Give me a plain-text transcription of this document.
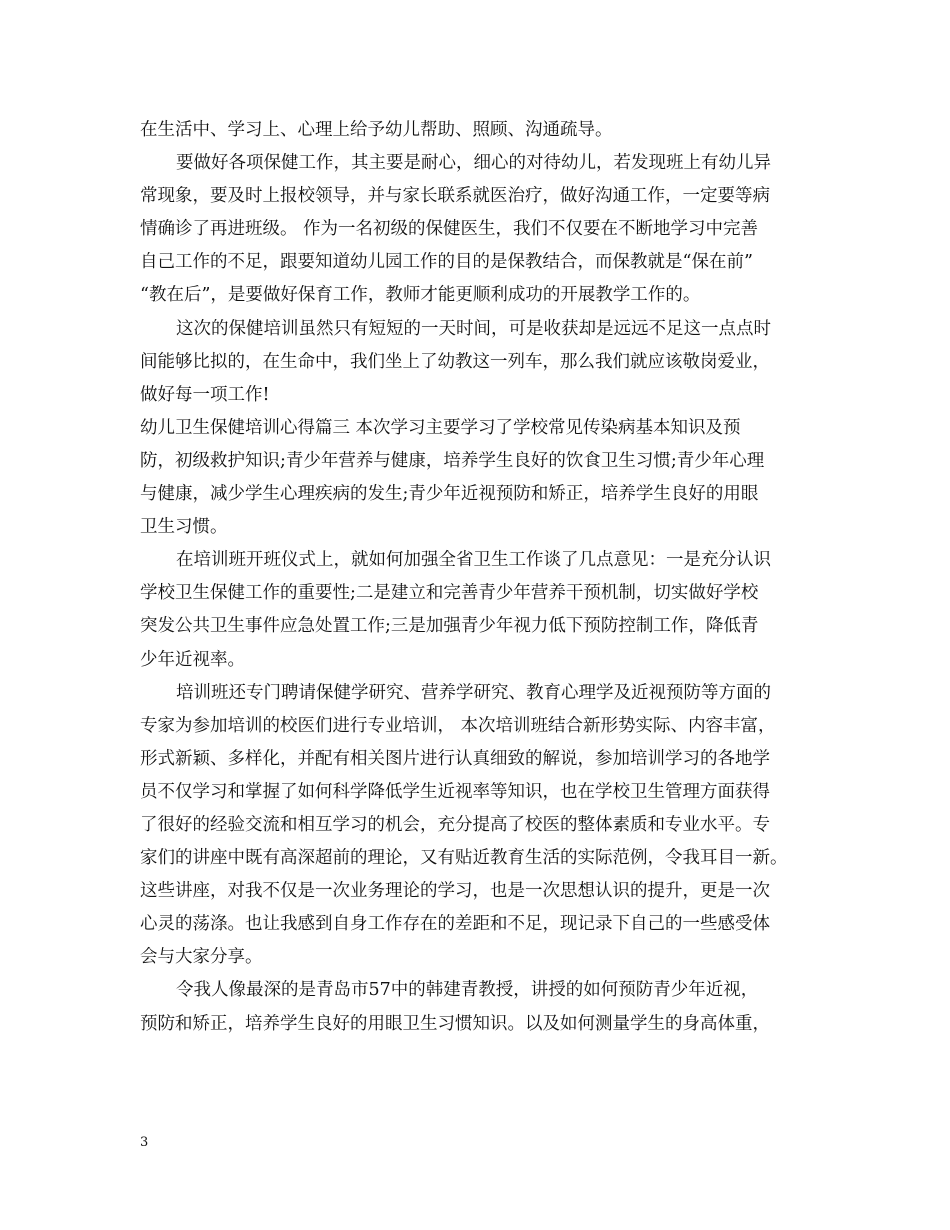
在生活中、学习上、心理上给予幼儿帮助、照顾、沟通疏导。
要做好各项保健工作，其主要是耐心，细心的对待幼儿，若发现班上有幼儿异
常现象，要及时上报校领导，并与家长联系就医治疗，做好沟通工作，一定要等病
情确诊了再进班级。 作为一名初级的保健医生，我们不仅要在不断地学习中完善
自己工作的不足，跟要知道幼儿园工作的目的是保教结合，而保教就是“保在前”
“教在后”，是要做好保育工作，教师才能更顺利成功的开展教学工作的。
这次的保健培训虽然只有短短的一天时间，可是收获却是远远不足这一点点时
间能够比拟的，在生命中，我们坐上了幼教这一列车，那么我们就应该敬岗爱业，
做好每一项工作!
幼儿卫生保健培训心得篇三 本次学习主要学习了学校常见传染病基本知识及预
防，初级救护知识;青少年营养与健康，培养学生良好的饮食卫生习惯;青少年心理
与健康，减少学生心理疾病的发生;青少年近视预防和矫正，培养学生良好的用眼
卫生习惯。
在培训班开班仪式上，就如何加强全省卫生工作谈了几点意见：一是充分认识
学校卫生保健工作的重要性;二是建立和完善青少年营养干预机制，切实做好学校
突发公共卫生事件应急处置工作;三是加强青少年视力低下预防控制工作，降低青
少年近视率。
培训班还专门聘请保健学研究、营养学研究、教育心理学及近视预防等方面的
专家为参加培训的校医们进行专业培训， 本次培训班结合新形势实际、内容丰富，
形式新颖、多样化，并配有相关图片进行认真细致的解说，参加培训学习的各地学
员不仅学习和掌握了如何科学降低学生近视率等知识，也在学校卫生管理方面获得
了很好的经验交流和相互学习的机会，充分提高了校医的整体素质和专业水平。专
家们的讲座中既有高深超前的理论，又有贴近教育生活的实际范例，令我耳目一新。
这些讲座，对我不仅是一次业务理论的学习，也是一次思想认识的提升，更是一次
心灵的荡涤。也让我感到自身工作存在的差距和不足，现记录下自己的一些感受体
会与大家分享。
令我人像最深的是青岛市57中的韩建青教授，讲授的如何预防青少年近视，
预防和矫正，培养学生良好的用眼卫生习惯知识。以及如何测量学生的身高体重，
3
